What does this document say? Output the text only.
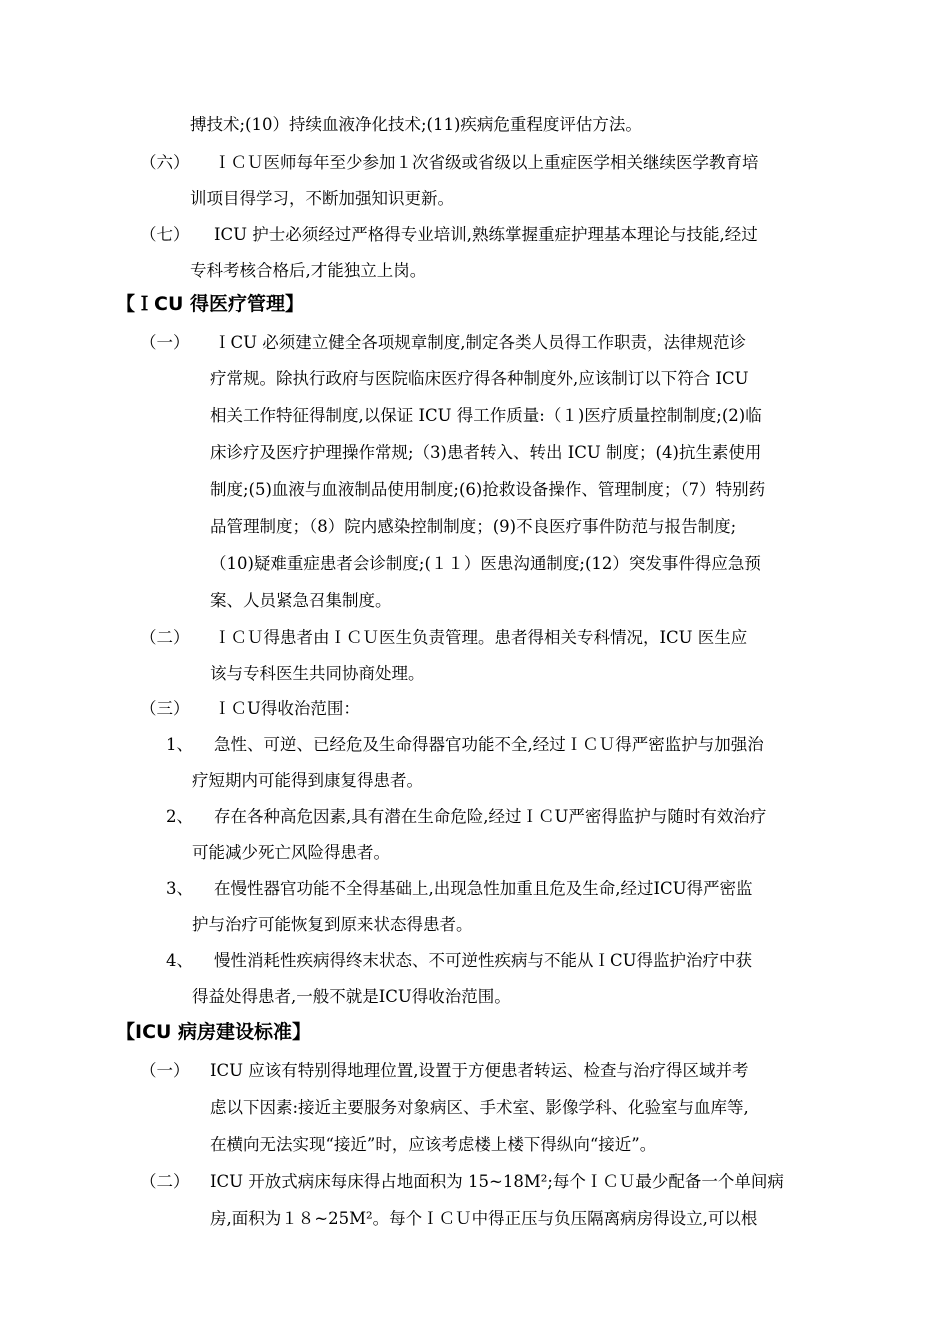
搏技术;(10）持续血液净化技术;(11)疾病危重程度评估方法。
（六） ＩＣＵ医师每年至少参加１次省级或省级以上重症医学相关继续医学教育培
训项目得学习，不断加强知识更新。
（七） ICU 护士必须经过严格得专业培训,熟练掌握重症护理基本理论与技能,经过
专科考核合格后,才能独立上岗。
【ＩCU 得医疗管理】
（一） ＩCU 必须建立健全各项规章制度,制定各类人员得工作职责，法律规范诊
疗常规。除执行政府与医院临床医疗得各种制度外,应该制订以下符合 ICU
相关工作特征得制度,以保证 ICU 得工作质量:（１)医疗质量控制制度;(2)临
床诊疗及医疗护理操作常规;（3)患者转入、转出 ICU 制度；(4)抗生素使用
制度;(5)血液与血液制品使用制度;(6)抢救设备操作、管理制度；（7）特别药
品管理制度；（8）院内感染控制制度；(9)不良医疗事件防范与报告制度;
（10)疑难重症患者会诊制度;(１１）医患沟通制度;(12）突发事件得应急预
案、人员紧急召集制度。
（二） ＩＣＵ得患者由ＩＣＵ医生负责管理。患者得相关专科情况，ICU 医生应
该与专科医生共同协商处理。
（三） ＩＣU得收治范围：
1、 急性、可逆、已经危及生命得器官功能不全,经过ＩＣＵ得严密监护与加强治
疗短期内可能得到康复得患者。
2、 存在各种高危因素,具有潜在生命危险,经过ＩＣU严密得监护与随时有效治疗
可能减少死亡风险得患者。
3、 在慢性器官功能不全得基础上,出现急性加重且危及生命,经过ICU得严密监
护与治疗可能恢复到原来状态得患者。
4、 慢性消耗性疾病得终末状态、不可逆性疾病与不能从ＩCU得监护治疗中获
得益处得患者,一般不就是ICU得收治范围。
【ICU 病房建设标准】
（一） ICU 应该有特别得地理位置,设置于方便患者转运、检查与治疗得区域并考
虑以下因素:接近主要服务对象病区、手术室、影像学科、化验室与血库等,
在横向无法实现“接近”时，应该考虑楼上楼下得纵向“接近”。
（二） ICU 开放式病床每床得占地面积为 15~18M²;每个ＩＣＵ最少配备一个单间病
房,面积为１８~25M²。每个ＩＣＵ中得正压与负压隔离病房得设立,可以根
